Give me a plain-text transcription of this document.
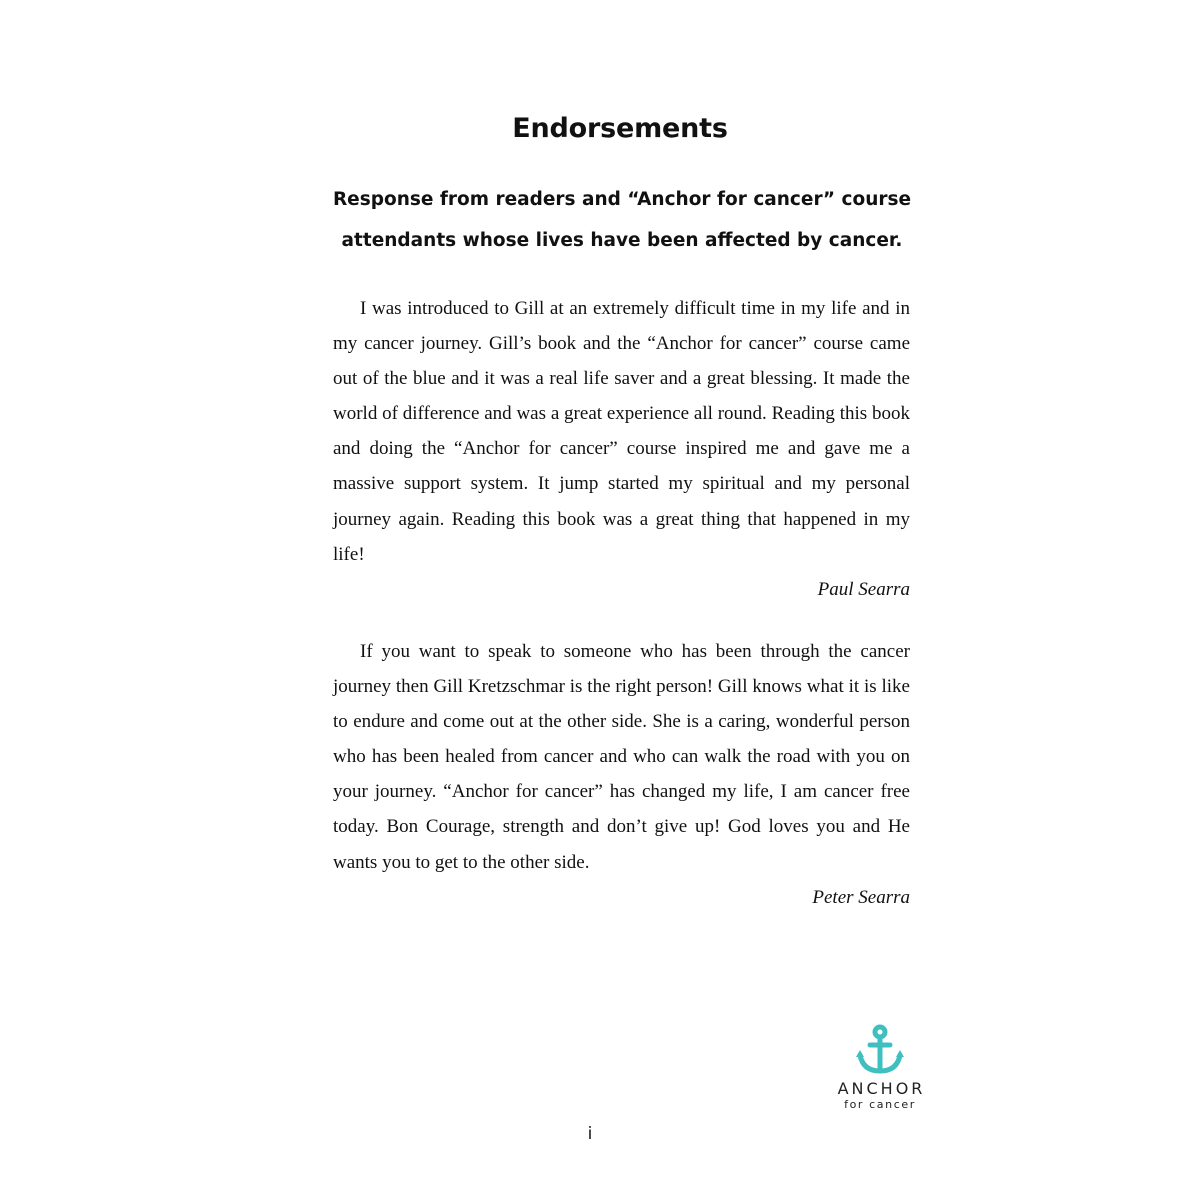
Endorsements
Response from readers and “Anchor for cancer” course
attendants whose lives have been affected by cancer.

I was introduced to Gill at an extremely difficult time in my life and in my cancer journey. Gill’s book and the “Anchor for cancer” course came out of the blue and it was a real life saver and a great blessing. It made the world of difference and was a great experience all round. Reading this book and doing the “Anchor for cancer” course inspired me and gave me a massive support system. It jump started my spiritual and my personal journey again. Reading this book was a great thing that happened in my life!

Paul Searra

If you want to speak to someone who has been through the cancer journey then Gill Kretzschmar is the right person! Gill knows what it is like to endure and come out at the other side. She is a caring, wonderful person who has been healed from cancer and who can walk the road with you on your journey. “Anchor for cancer” has changed my life, I am cancer free today. Bon Courage, strength and don’t give up! God loves you and He wants you to get to the other side.

Peter Searra
ANCHOR
for cancer
i
